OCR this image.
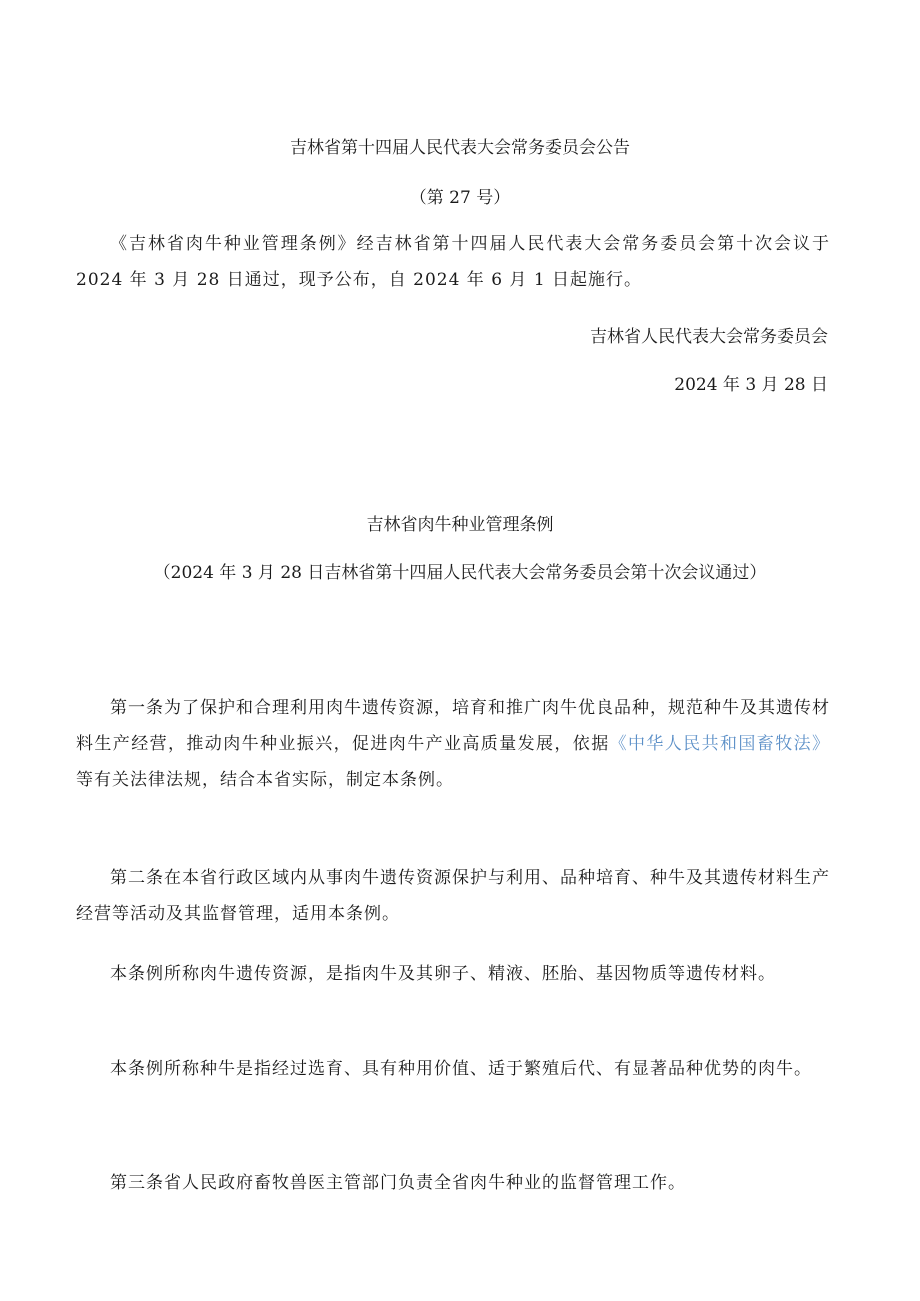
吉林省第十四届人民代表大会常务委员会公告
（第 27 号）
《吉林省肉牛种业管理条例》经吉林省第十四届人民代表大会常务委员会第十次会议于 2024 年 3 月 28 日通过，现予公布，自 2024 年 6 月 1 日起施行。
吉林省人民代表大会常务委员会
2024 年 3 月 28 日
吉林省肉牛种业管理条例
（2024 年 3 月 28 日吉林省第十四届人民代表大会常务委员会第十次会议通过）
第一条为了保护和合理利用肉牛遗传资源，培育和推广肉牛优良品种，规范种牛及其遗传材料生产经营，推动肉牛种业振兴，促进肉牛产业高质量发展，依据《中华人民共和国畜牧法》等有关法律法规，结合本省实际，制定本条例。
第二条在本省行政区域内从事肉牛遗传资源保护与利用、品种培育、种牛及其遗传材料生产经营等活动及其监督管理，适用本条例。
本条例所称肉牛遗传资源，是指肉牛及其卵子、精液、胚胎、基因物质等遗传材料。
本条例所称种牛是指经过选育、具有种用价值、适于繁殖后代、有显著品种优势的肉牛。
第三条省人民政府畜牧兽医主管部门负责全省肉牛种业的监督管理工作。
